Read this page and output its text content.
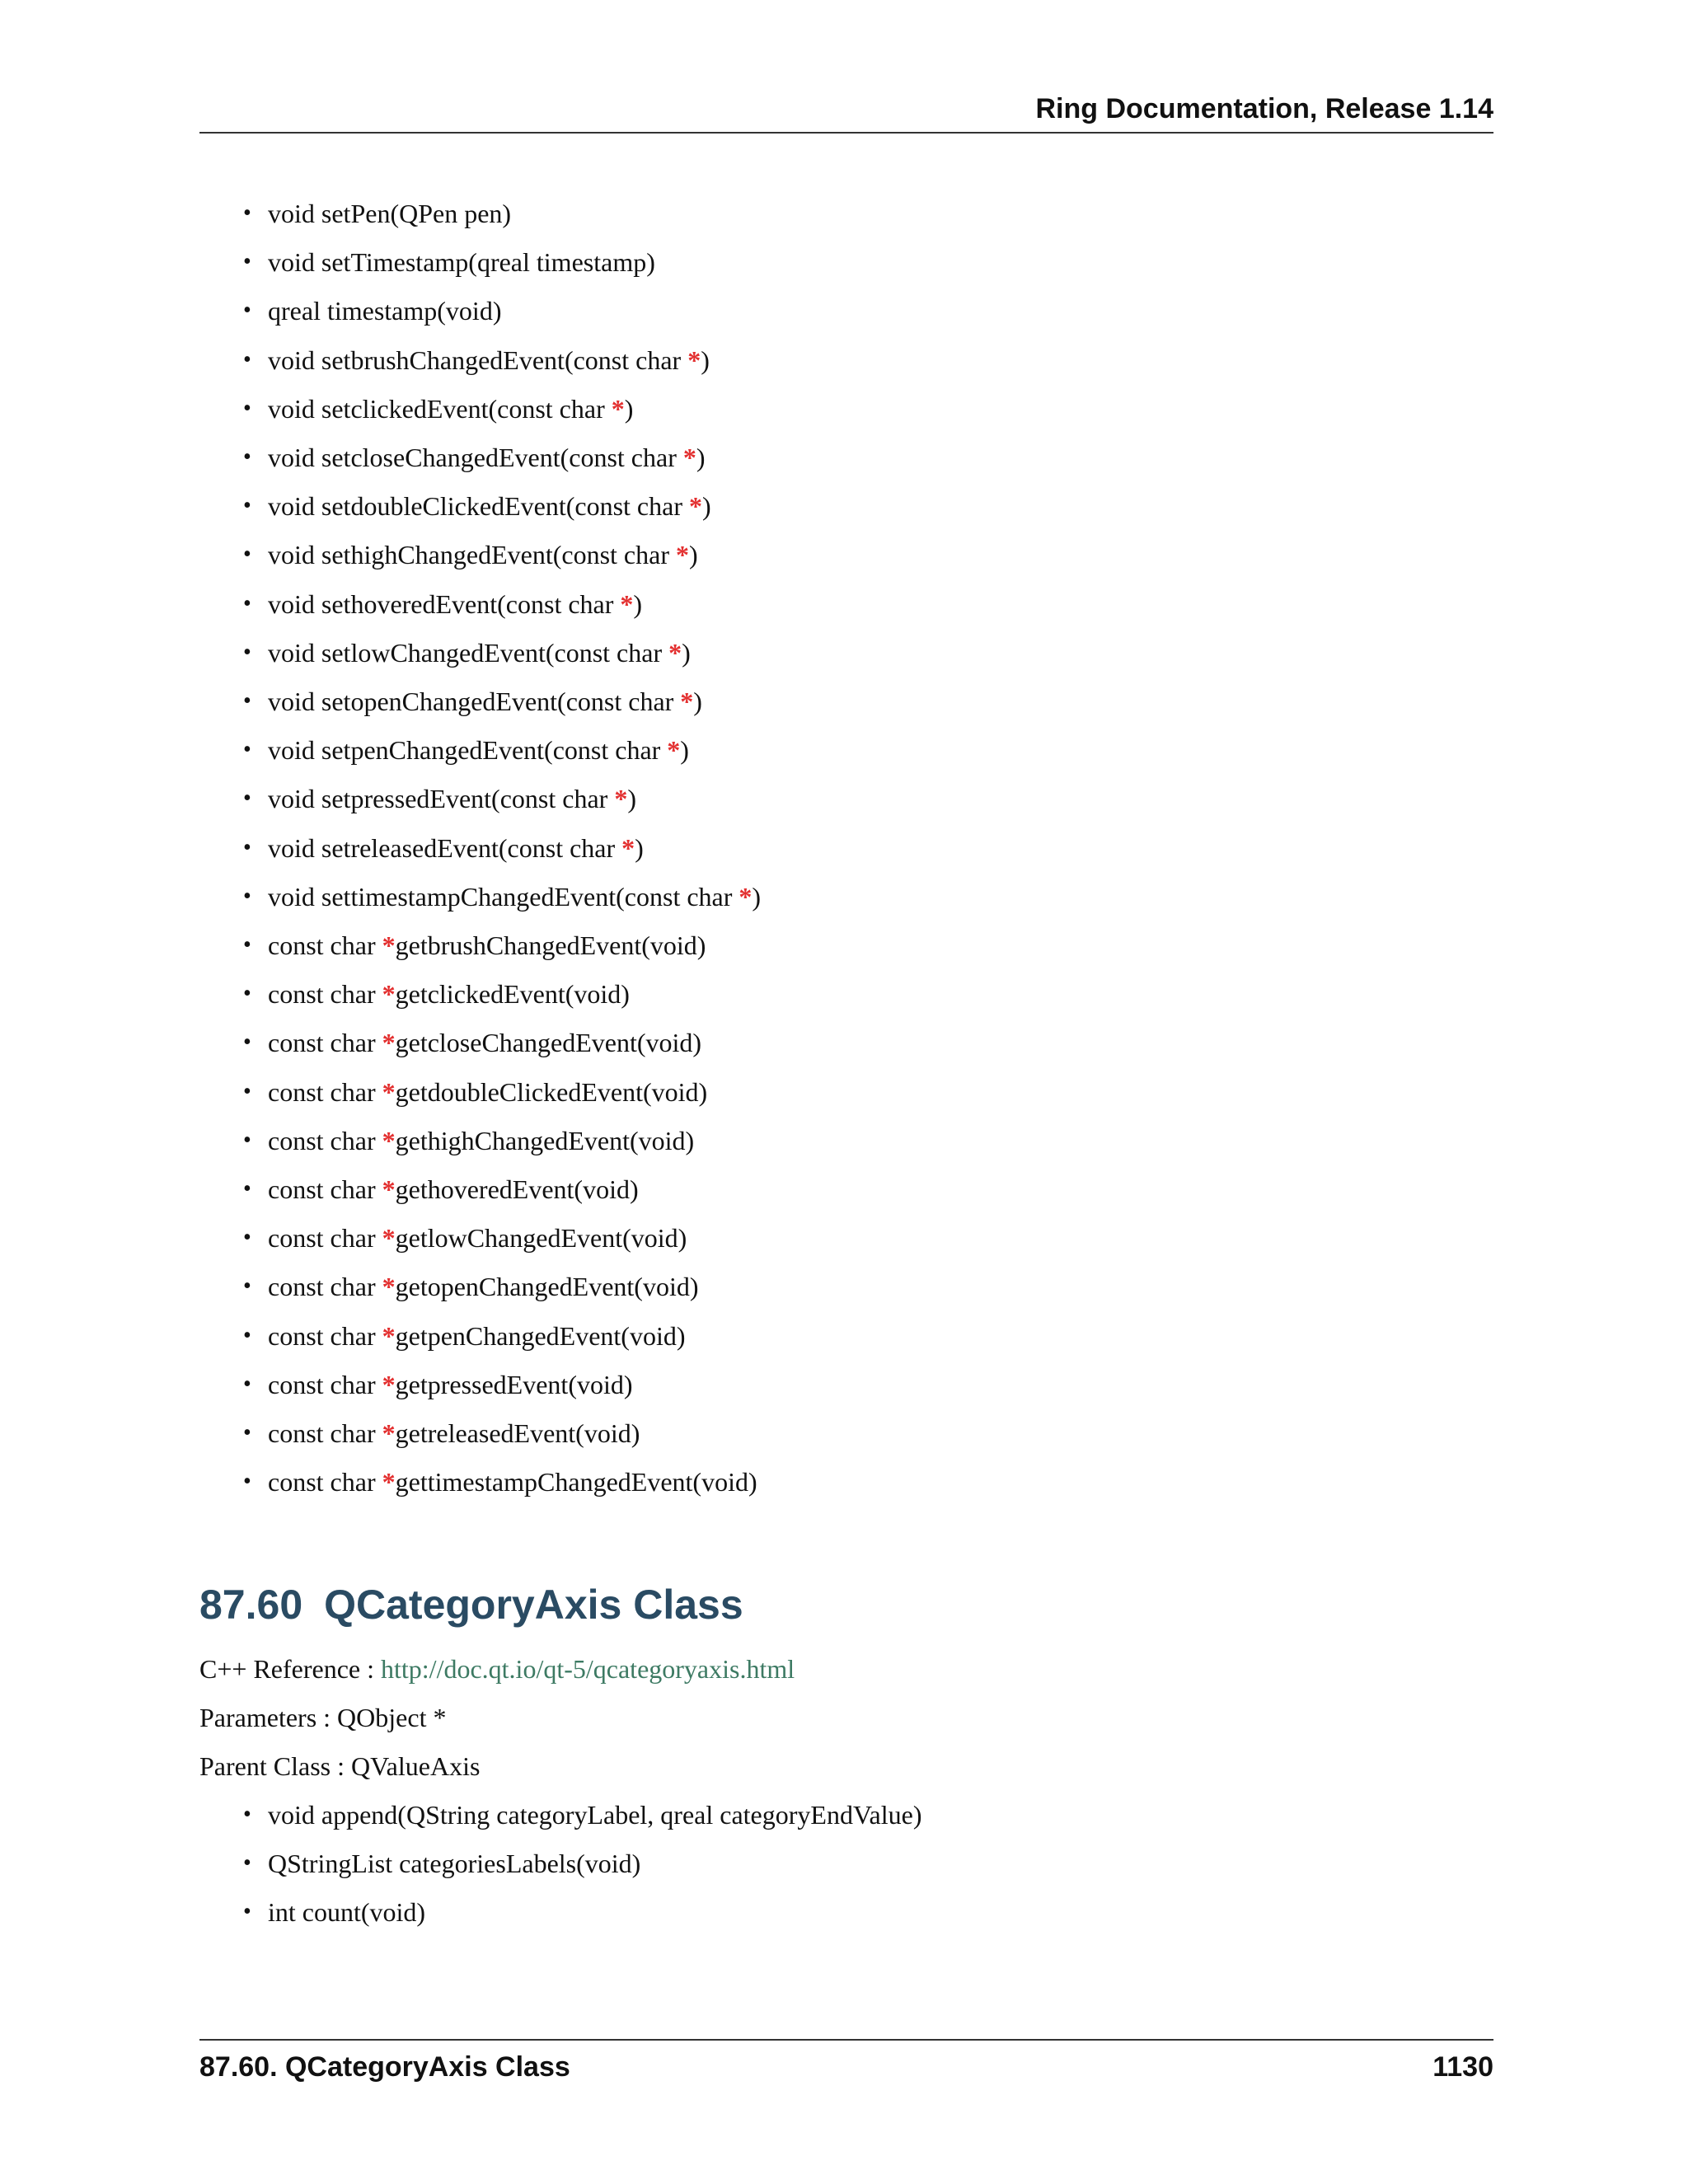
Ring Documentation, Release 1.14
• void setPen(QPen pen)
• void setTimestamp(qreal timestamp)
• qreal timestamp(void)
• void setbrushChangedEvent(const char *)
• void setclickedEvent(const char *)
• void setcloseChangedEvent(const char *)
• void setdoubleClickedEvent(const char *)
• void sethighChangedEvent(const char *)
• void sethoveredEvent(const char *)
• void setlowChangedEvent(const char *)
• void setopenChangedEvent(const char *)
• void setpenChangedEvent(const char *)
• void setpressedEvent(const char *)
• void setreleasedEvent(const char *)
• void settimestampChangedEvent(const char *)
• const char *getbrushChangedEvent(void)
• const char *getclickedEvent(void)
• const char *getcloseChangedEvent(void)
• const char *getdoubleClickedEvent(void)
• const char *gethighChangedEvent(void)
• const char *gethoveredEvent(void)
• const char *getlowChangedEvent(void)
• const char *getopenChangedEvent(void)
• const char *getpenChangedEvent(void)
• const char *getpressedEvent(void)
• const char *getreleasedEvent(void)
• const char *gettimestampChangedEvent(void)
87.60 QCategoryAxis Class
C++ Reference : http://doc.qt.io/qt-5/qcategoryaxis.html
Parameters : QObject *
Parent Class : QValueAxis
• void append(QString categoryLabel, qreal categoryEndValue)
• QStringList categoriesLabels(void)
• int count(void)
87.60. QCategoryAxis Class	1130
